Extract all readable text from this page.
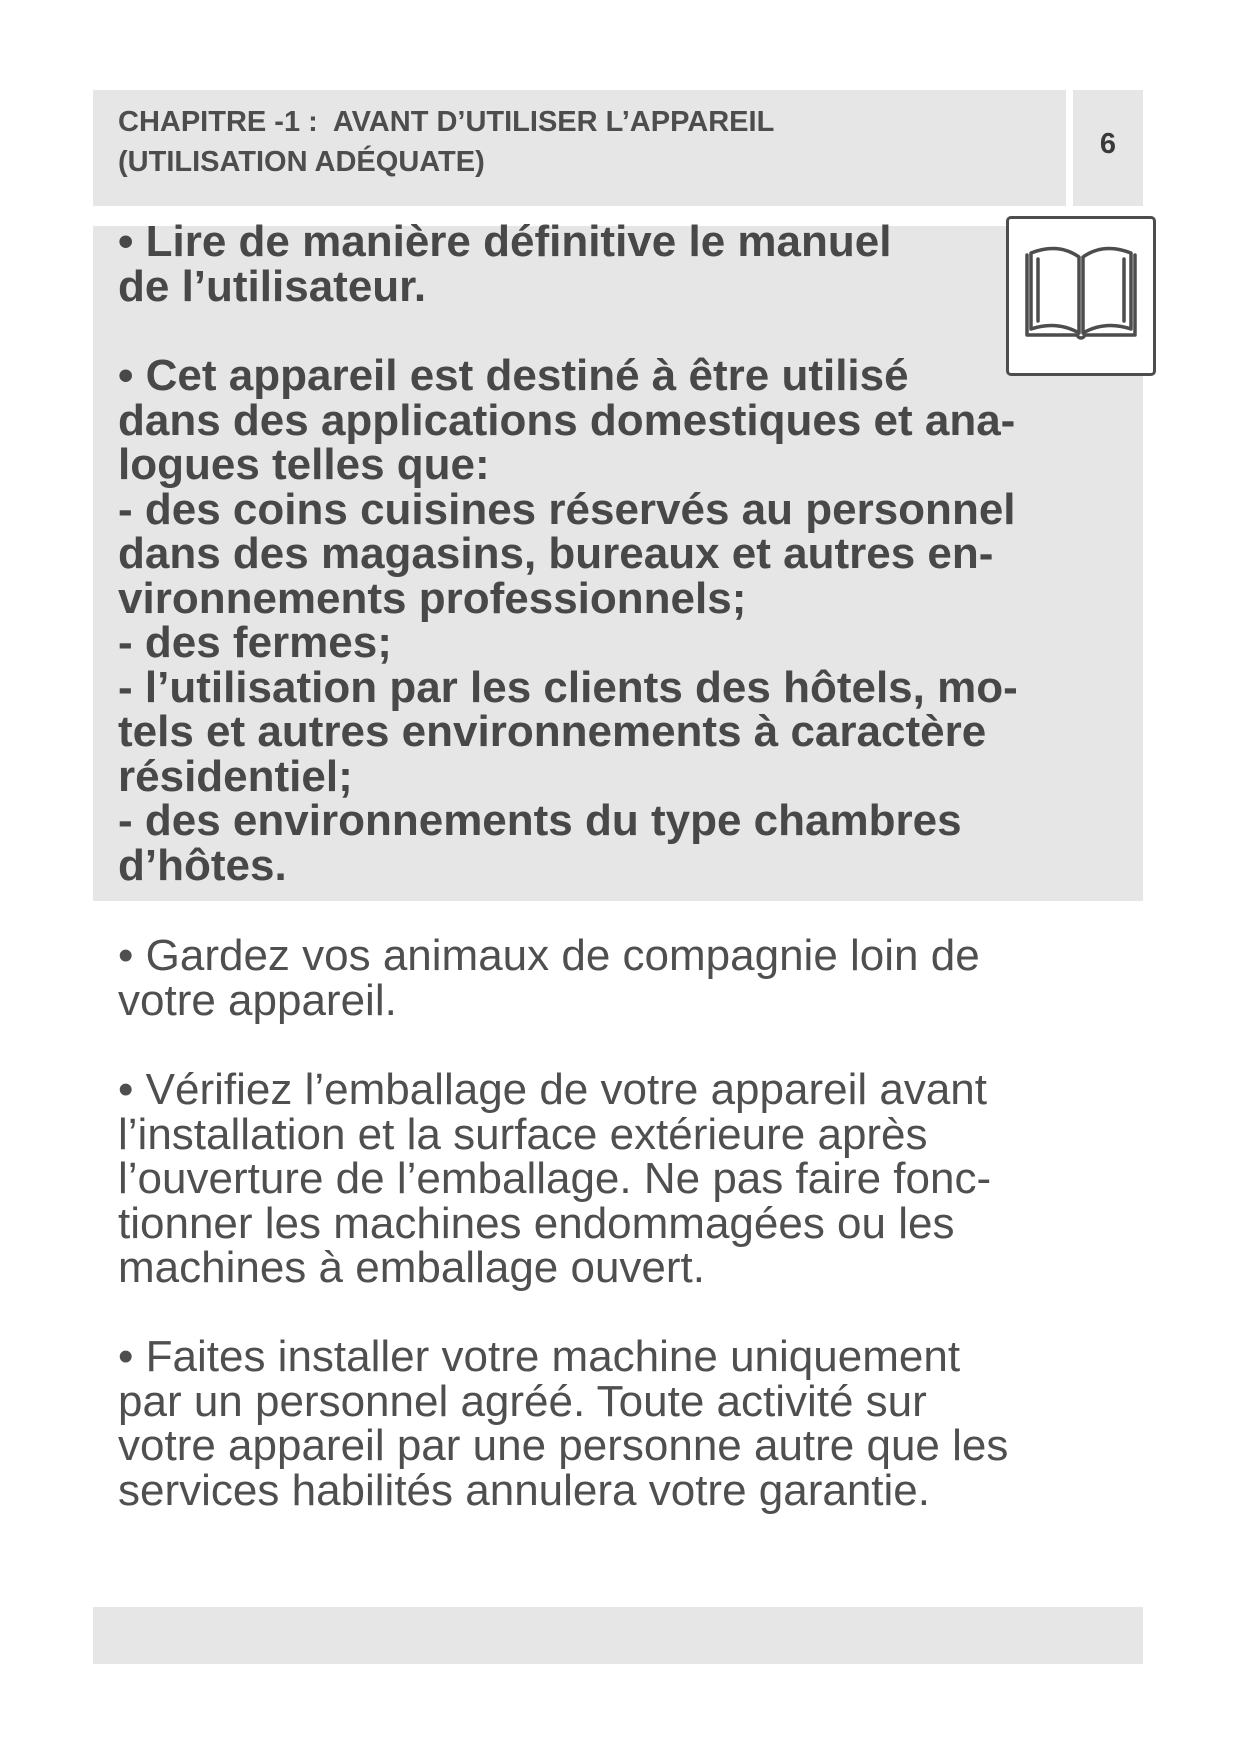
CHAPITRE -1 :  AVANT D’UTILISER L’APPAREIL
(UTILISATION ADÉQUATE)

6

• Lire de manière définitive le manuel
de l’utilisateur.

• Cet appareil est destiné à être utilisé
dans des applications domestiques et ana-
logues telles que:
- des coins cuisines réservés au personnel
dans des magasins, bureaux et autres en-
vironnements professionnels;
- des fermes;
- l’utilisation par les clients des hôtels, mo-
tels et autres environnements à caractère
résidentiel;
- des environnements du type chambres
d’hôtes.

• Gardez vos animaux de compagnie loin de
votre appareil.

• Vérifiez l’emballage de votre appareil avant
l’installation et la surface extérieure après
l’ouverture de l’emballage. Ne pas faire fonc-
tionner les machines endommagées ou les
machines à emballage ouvert.

• Faites installer votre machine uniquement
par un personnel agréé. Toute activité sur
votre appareil par une personne autre que les
services habilités annulera votre garantie.
